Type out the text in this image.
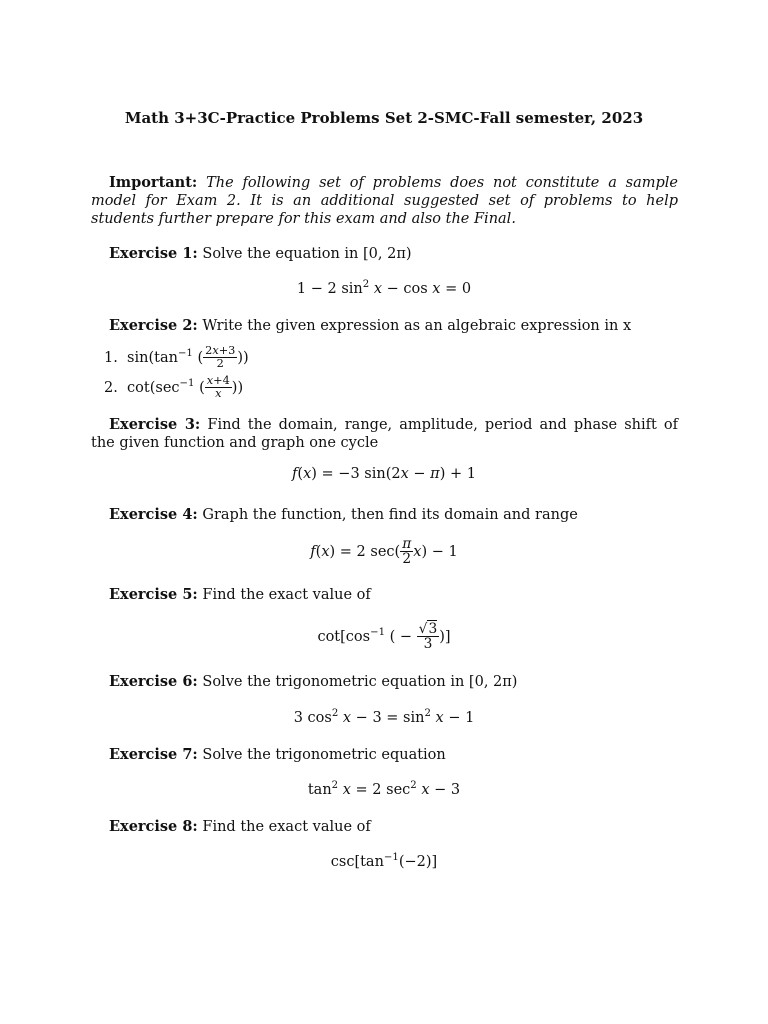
Math 3+3C-Practice Problems Set 2-SMC-Fall semester, 2023
Important: The following set of problems does not constitute a sample model for Exam 2. It is an additional suggested set of problems to help students further prepare for this exam and also the Final.
Exercise 1: Solve the equation in [0, 2π)
1 − 2 $\sin^2 x - \cos x = 0$
Exercise 2: Write the given expression as an algebraic expression in x
1.  $\sin(\tan^{-1}$ ( $\frac{2x+3}{2}$ ))
2.  $\cot(\sec^{-1}$ ( $\frac{x+4}{x}$ ))
Exercise 3: Find the domain, range, amplitude, period and phase shift of the given function and graph one cycle
f(x) = −3 sin(2x − π) + 1
Exercise 4: Graph the function, then find its domain and range
f(x) = 2 $\sec( \frac{\pi}{2} x) - 1$
Exercise 5: Find the exact value of
$\cot[\cos^{-1}$ ( − $\frac{√3}{3}$ )]
Exercise 6: Solve the trigonometric equation in [0, 2π)
3 $\cos^2 x - 3 = \sin^2 x - 1$
Exercise 7: Solve the trigonometric equation
$\tan^2 x = 2$ $\sec^2 x - 3$
Exercise 8: Find the exact value of
$\csc[\tan^{-1}(-2)]$
